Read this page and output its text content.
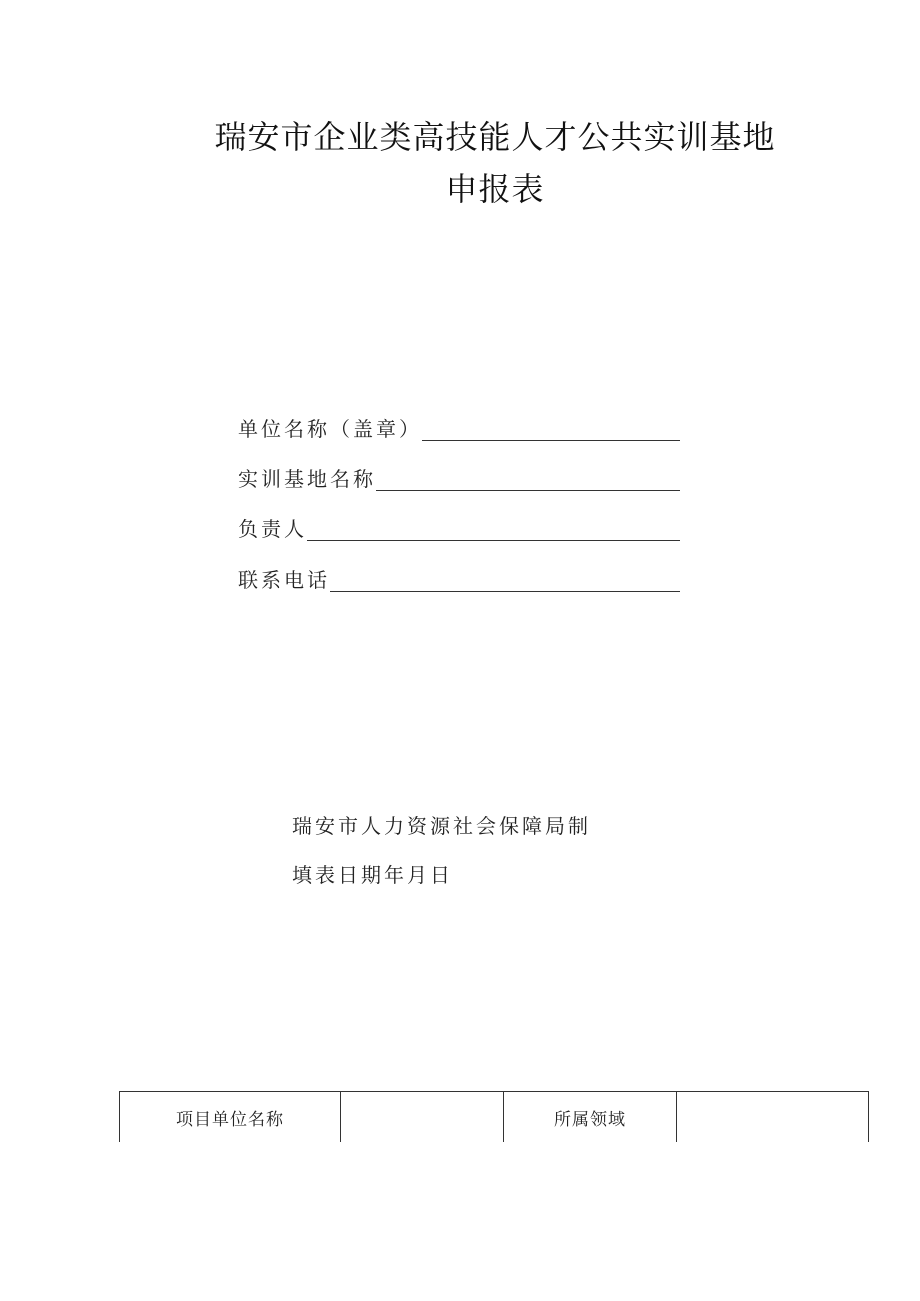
瑞安市企业类高技能人才公共实训基地
申报表
单位名称（盖章）
实训基地名称
负责人
联系电话
瑞安市人力资源社会保障局制
填表日期年月日
项目单位名称	所属领域
